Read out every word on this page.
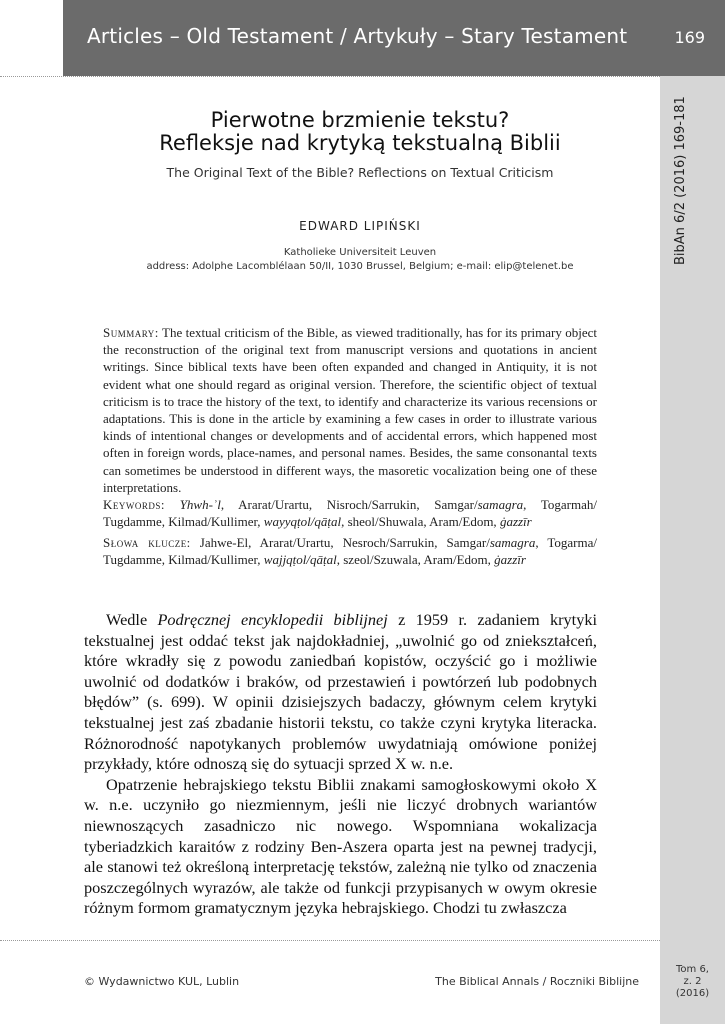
Articles – Old Testament / Artykuły – Stary Testament	169
BibAn 6/2 (2016) 169-181
Pierwotne brzmienie tekstu?
Refleksje nad krytyką tekstualną Biblii
The Original Text of the Bible? Reflections on Textual Criticism
EDWARD LIPIŃSKI
Katholieke Universiteit Leuven
address: Adolphe Lacomblélaan 50/II, 1030 Brussel, Belgium; e-mail: elip@telenet.be
Summary: The textual criticism of the Bible, as viewed traditionally, has for its primary object the reconstruction of the original text from manuscript versions and quotations in ancient writings. Since biblical texts have been often expanded and changed in Antiquity, it is not evident what one should regard as original version. Therefore, the scientific object of textual criticism is to trace the history of the text, to identify and characterize its various recensions or adaptations. This is done in the article by examining a few cases in order to illustrate various kinds of intentional changes or developments and of accidental errors, which happened most often in foreign words, place-names, and personal names. Besides, the same consonantal texts can sometimes be understood in different ways, the masoretic vocalization being one of these interpretations.
Keywords: Yhwh-ʾl, Ararat/Urartu, Nisroch/Sarrukin, Samgar/samagra, Togarmah/ Tugdamme, Kilmad/Kullimer, wayyqṭol/qāṭal, sheol/Shuwala, Aram/Edom, ġazzīr
Słowa klucze: Jahwe-El, Ararat/Urartu, Nesroch/Sarrukin, Samgar/samagra, Togarma/ Tugdamme, Kilmad/Kullimer, wajjqṭol/qāṭal, szeol/Szuwala, Aram/Edom, ġazzīr

Wedle Podręcznej encyklopedii biblijnej z 1959 r. zadaniem krytyki tekstualnej jest oddać tekst jak najdokładniej, „uwolnić go od zniekształceń, które wkradły się z powodu zaniedbań kopistów, oczyścić go i możliwie uwolnić od dodatków i braków, od przestawień i powtórzeń lub podobnych błędów” (s. 699). W opinii dzisiejszych badaczy, głównym celem krytyki tekstualnej jest zaś zbadanie historii tekstu, co także czyni krytyka literacka. Różnorodność napotykanych problemów uwydatniają omówione poniżej przykłady, które odnoszą się do sytuacji sprzed X w. n.e.

Opatrzenie hebrajskiego tekstu Biblii znakami samogłoskowymi około X w. n.e. uczyniło go niezmiennym, jeśli nie liczyć drobnych wariantów niewnoszących zasadniczo nic nowego. Wspomniana wokalizacja tyberiadzkich karaitów z rodziny Ben-Aszera oparta jest na pewnej tradycji, ale stanowi też określoną interpretację tekstów, zależną nie tylko od znaczenia poszczególnych wyrazów, ale także od funkcji przypisanych w owym okresie różnym formom gramatycznym języka hebrajskiego. Chodzi tu zwłaszcza

© Wydawnictwo KUL, Lublin	The Biblical Annals / Roczniki Biblijne
Tom 6,
z. 2
(2016)
